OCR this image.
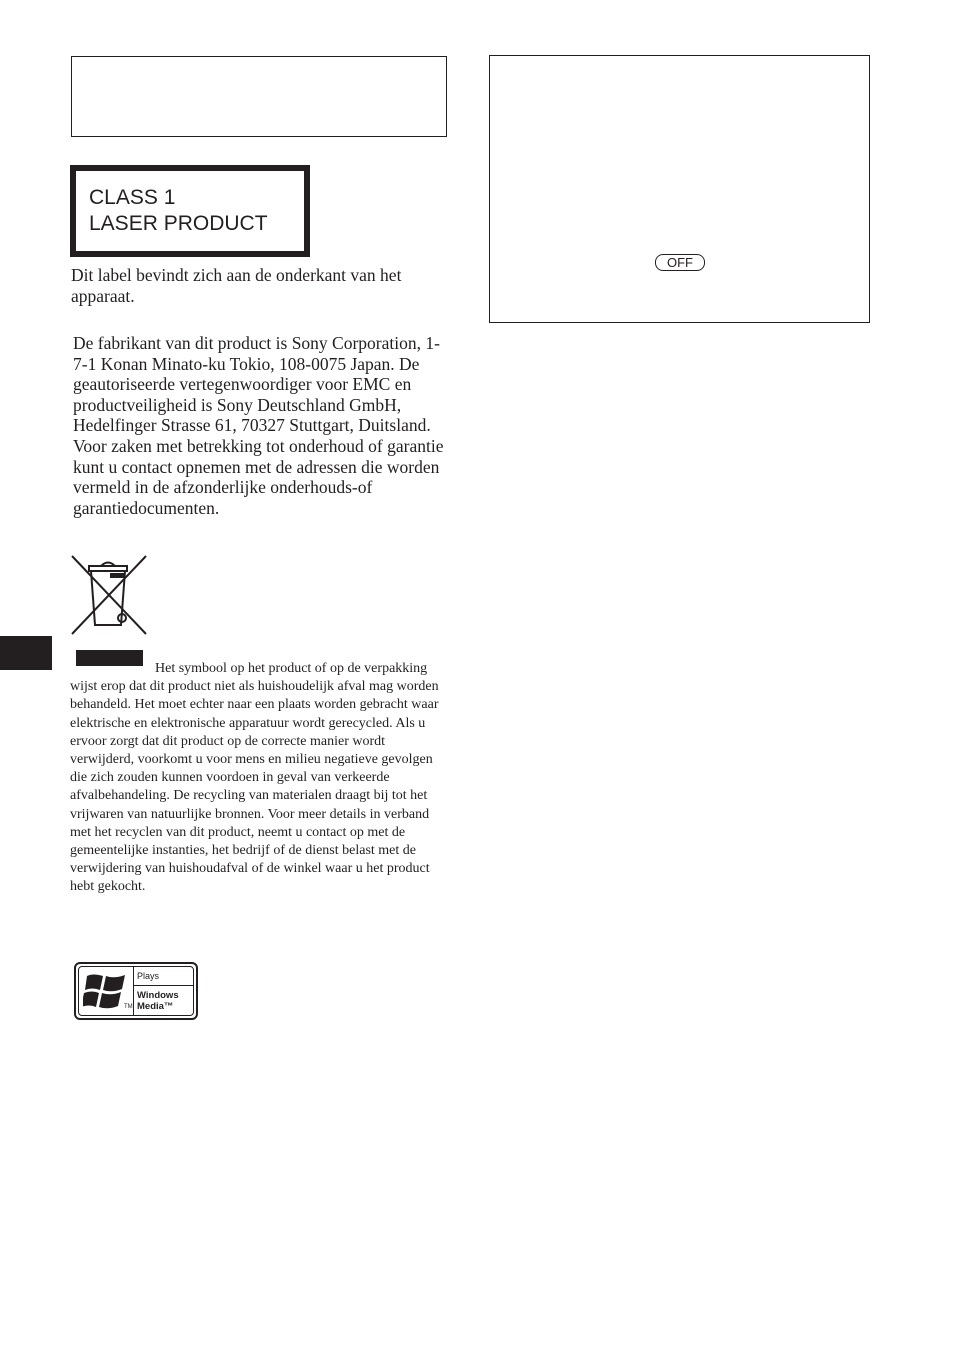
CLASS 1
LASER PRODUCT

Dit label bevindt zich aan de onderkant van het apparaat.

De fabrikant van dit product is Sony Corporation, 1-7-1 Konan Minato-ku Tokio, 108-0075 Japan. De geautoriseerde vertegenwoordiger voor EMC en productveiligheid is Sony Deutschland GmbH, Hedelfinger Strasse 61, 70327 Stuttgart, Duitsland. Voor zaken met betrekking tot onderhoud of garantie kunt u contact opnemen met de adressen die worden vermeld in de afzonderlijke onderhouds-of garantiedocumenten.

Het symbool op het product of op de verpakking wijst erop dat dit product niet als huishoudelijk afval mag worden behandeld. Het moet echter naar een plaats worden gebracht waar elektrische en elektronische apparatuur wordt gerecycled. Als u ervoor zorgt dat dit product op de correcte manier wordt verwijderd, voorkomt u voor mens en milieu negatieve gevolgen die zich zouden kunnen voordoen in geval van verkeerde afvalbehandeling. De recycling van materialen draagt bij tot het vrijwaren van natuurlijke bronnen. Voor meer details in verband met het recyclen van dit product, neemt u contact op met de gemeentelijke instanties, het bedrijf of de dienst belast met de verwijdering van huishoudafval of de winkel waar u het product hebt gekocht.

TM
Plays
Windows
Media™
OFF
